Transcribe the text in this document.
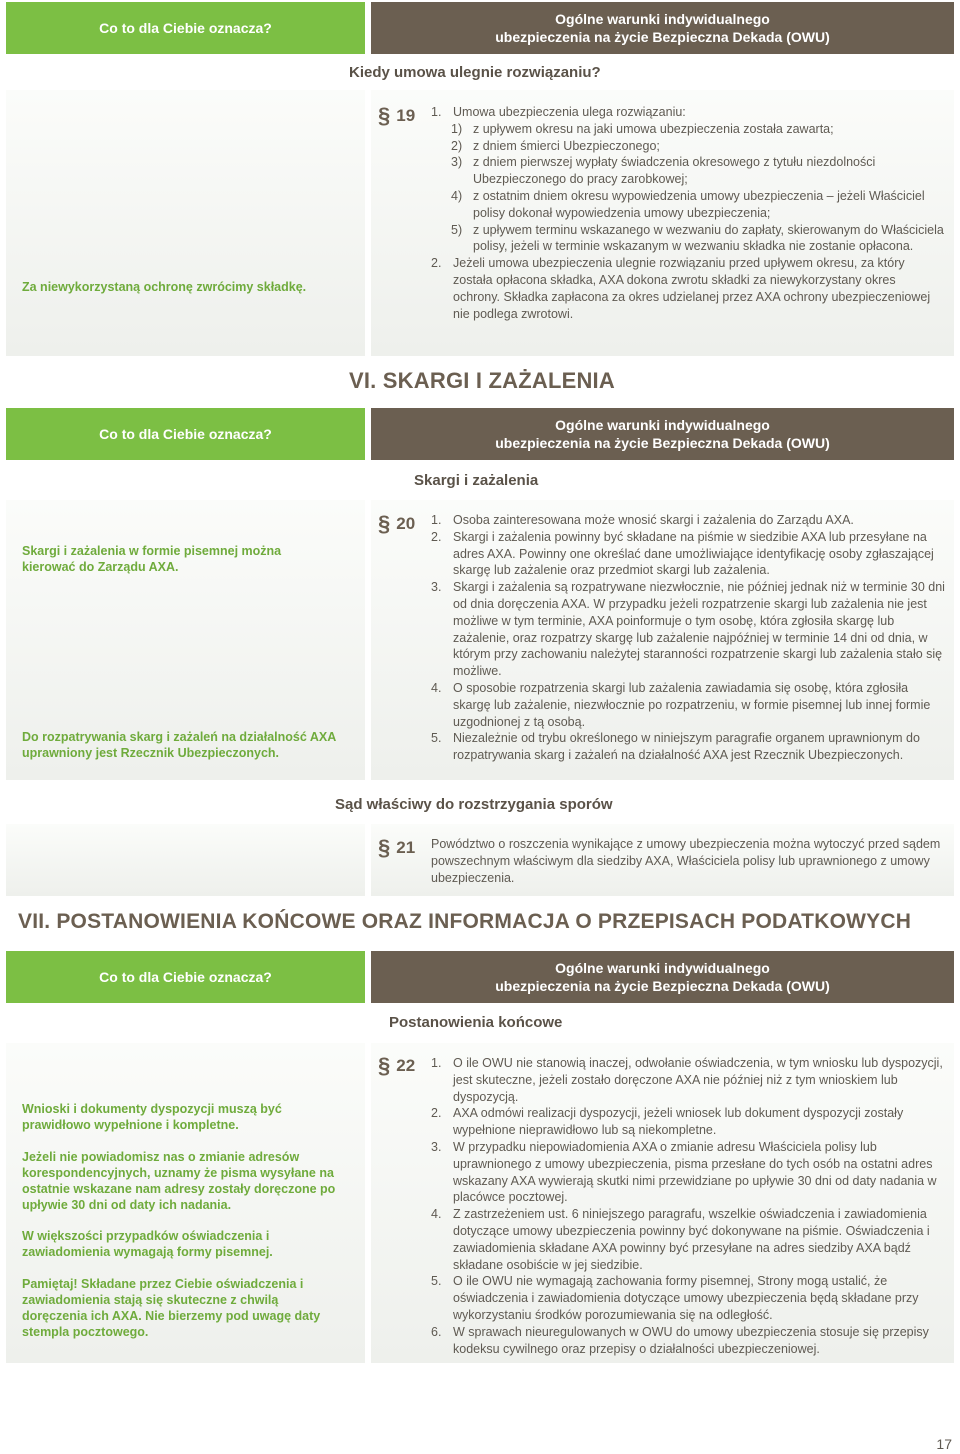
Co to dla Ciebie oznacza?
Ogólne warunki indywidualnego
ubezpieczenia na życie Bezpieczna Dekada (OWU)
Kiedy umowa ulegnie rozwiązaniu?
Za niewykorzystaną ochronę zwrócimy składkę.
§ 19 1. Umowa ubezpieczenia ulega rozwiązaniu:
1) z upływem okresu na jaki umowa ubezpieczenia została zawarta;
2) z dniem śmierci Ubezpieczonego;
3) z dniem pierwszej wypłaty świadczenia okresowego z tytułu niezdolności Ubezpieczonego do pracy zarobkowej;
4) z ostatnim dniem okresu wypowiedzenia umowy ubezpieczenia – jeżeli Właściciel polisy dokonał wypowiedzenia umowy ubezpieczenia;
5) z upływem terminu wskazanego w wezwaniu do zapłaty, skierowanym do Właściciela polisy, jeżeli w terminie wskazanym w wezwaniu składka nie zostanie opłacona.
2. Jeżeli umowa ubezpieczenia ulegnie rozwiązaniu przed upływem okresu, za który została opłacona składka, AXA dokona zwrotu składki za niewykorzystany okres ochrony. Składka zapłacona za okres udzielanej przez AXA ochrony ubezpieczeniowej nie podlega zwrotowi.
VI. SKARGI I ZAŻALENIA
Co to dla Ciebie oznacza?
Ogólne warunki indywidualnego
ubezpieczenia na życie Bezpieczna Dekada (OWU)
Skargi i zażalenia
Skargi i zażalenia w formie pisemnej można kierować do Zarządu AXA.
Do rozpatrywania skarg i zażaleń na działalność AXA uprawniony jest Rzecznik Ubezpieczonych.
§ 20 1. Osoba zainteresowana może wnosić skargi i zażalenia do Zarządu AXA.
2. Skargi i zażalenia powinny być składane na piśmie w siedzibie AXA lub przesyłane na adres AXA. Powinny one określać dane umożliwiające identyfikację osoby zgłaszającej skargę lub zażalenie oraz przedmiot skargi lub zażalenia.
3. Skargi i zażalenia są rozpatrywane niezwłocznie, nie później jednak niż w terminie 30 dni od dnia doręczenia AXA. W przypadku jeżeli rozpatrzenie skargi lub zażalenia nie jest możliwe w tym terminie, AXA poinformuje o tym osobę, która zgłosiła skargę lub zażalenie, oraz rozpatrzy skargę lub zażalenie najpóźniej w terminie 14 dni od dnia, w którym przy zachowaniu należytej staranności rozpatrzenie skargi lub zażalenia stało się możliwe.
4. O sposobie rozpatrzenia skargi lub zażalenia zawiadamia się osobę, która zgłosiła skargę lub zażalenie, niezwłocznie po rozpatrzeniu, w formie pisemnej lub innej formie uzgodnionej z tą osobą.
5. Niezależnie od trybu określonego w niniejszym paragrafie organem uprawnionym do rozpatrywania skarg i zażaleń na działalność AXA jest Rzecznik Ubezpieczonych.
Sąd właściwy do rozstrzygania sporów
§ 21 Powództwo o roszczenia wynikające z umowy ubezpieczenia można wytoczyć przed sądem powszechnym właściwym dla siedziby AXA, Właściciela polisy lub uprawnionego z umowy ubezpieczenia.
VII. POSTANOWIENIA KOŃCOWE ORAZ INFORMACJA O PRZEPISACH PODATKOWYCH
Co to dla Ciebie oznacza?
Ogólne warunki indywidualnego
ubezpieczenia na życie Bezpieczna Dekada (OWU)
Postanowienia końcowe
Wnioski i dokumenty dyspozycji muszą być prawidłowo wypełnione i kompletne.
Jeżeli nie powiadomisz nas o zmianie adresów korespondencyjnych, uznamy że pisma wysyłane na ostatnie wskazane nam adresy zostały doręczone po upływie 30 dni od daty ich nadania.
W większości przypadków oświadczenia i zawiadomienia wymagają formy pisemnej.
Pamiętaj! Składane przez Ciebie oświadczenia i zawiadomienia stają się skuteczne z chwilą doręczenia ich AXA. Nie bierzemy pod uwagę daty stempla pocztowego.
§ 22 1. O ile OWU nie stanowią inaczej, odwołanie oświadczenia, w tym wniosku lub dyspozycji, jest skuteczne, jeżeli zostało doręczone AXA nie później niż z tym wnioskiem lub dyspozycją.
2. AXA odmówi realizacji dyspozycji, jeżeli wniosek lub dokument dyspozycji zostały wypełnione nieprawidłowo lub są niekompletne.
3. W przypadku niepowiadomienia AXA o zmianie adresu Właściciela polisy lub uprawnionego z umowy ubezpieczenia, pisma przesłane do tych osób na ostatni adres wskazany AXA wywierają skutki nimi przewidziane po upływie 30 dni od daty nadania w placówce pocztowej.
4. Z zastrzeżeniem ust. 6 niniejszego paragrafu, wszelkie oświadczenia i zawiadomienia dotyczące umowy ubezpieczenia powinny być dokonywane na piśmie. Oświadczenia i zawiadomienia składane AXA powinny być przesyłane na adres siedziby AXA bądź składane osobiście w jej siedzibie.
5. O ile OWU nie wymagają zachowania formy pisemnej, Strony mogą ustalić, że oświadczenia i zawiadomienia dotyczące umowy ubezpieczenia będą składane przy wykorzystaniu środków porozumiewania się na odległość.
6. W sprawach nieuregulowanych w OWU do umowy ubezpieczenia stosuje się przepisy kodeksu cywilnego oraz przepisy o działalności ubezpieczeniowej.
17
